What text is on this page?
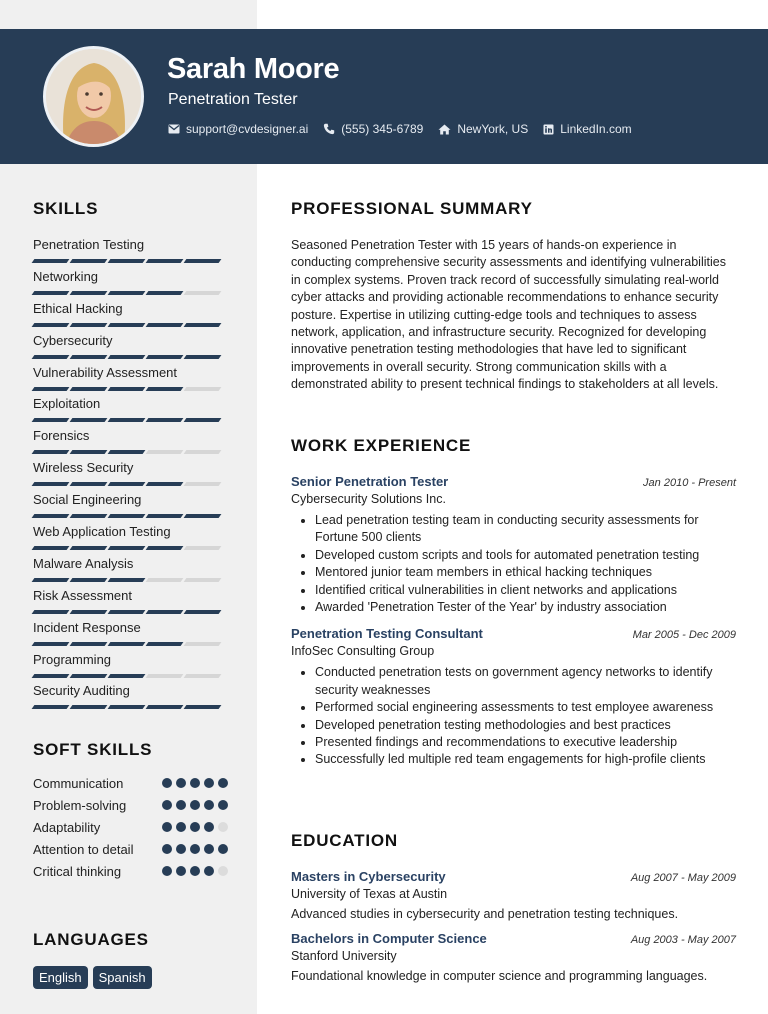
Sarah Moore
Penetration Tester
support@cvdesigner.ai	(555) 345-6789	NewYork, US	LinkedIn.com
SKILLS
Penetration Testing
Networking
Ethical Hacking
Cybersecurity
Vulnerability Assessment
Exploitation
Forensics
Wireless Security
Social Engineering
Web Application Testing
Malware Analysis
Risk Assessment
Incident Response
Programming
Security Auditing
SOFT SKILLS
Communication
Problem-solving
Adaptability
Attention to detail
Critical thinking
LANGUAGES
English	Spanish
PROFESSIONAL SUMMARY
Seasoned Penetration Tester with 15 years of hands-on experience in conducting comprehensive security assessments and identifying vulnerabilities in complex systems. Proven track record of successfully simulating real-world cyber attacks and providing actionable recommendations to enhance security posture. Expertise in utilizing cutting-edge tools and techniques to assess network, application, and infrastructure security. Recognized for developing innovative penetration testing methodologies that have led to significant improvements in overall security. Strong communication skills with a demonstrated ability to present technical findings to stakeholders at all levels.
WORK EXPERIENCE
Senior Penetration Tester	Jan 2010 - Present
Cybersecurity Solutions Inc.
Lead penetration testing team in conducting security assessments for Fortune 500 clients
Developed custom scripts and tools for automated penetration testing
Mentored junior team members in ethical hacking techniques
Identified critical vulnerabilities in client networks and applications
Awarded 'Penetration Tester of the Year' by industry association
Penetration Testing Consultant	Mar 2005 - Dec 2009
InfoSec Consulting Group
Conducted penetration tests on government agency networks to identify security weaknesses
Performed social engineering assessments to test employee awareness
Developed penetration testing methodologies and best practices
Presented findings and recommendations to executive leadership
Successfully led multiple red team engagements for high-profile clients
EDUCATION
Masters in Cybersecurity	Aug 2007 - May 2009
University of Texas at Austin
Advanced studies in cybersecurity and penetration testing techniques.
Bachelors in Computer Science	Aug 2003 - May 2007
Stanford University
Foundational knowledge in computer science and programming languages.
